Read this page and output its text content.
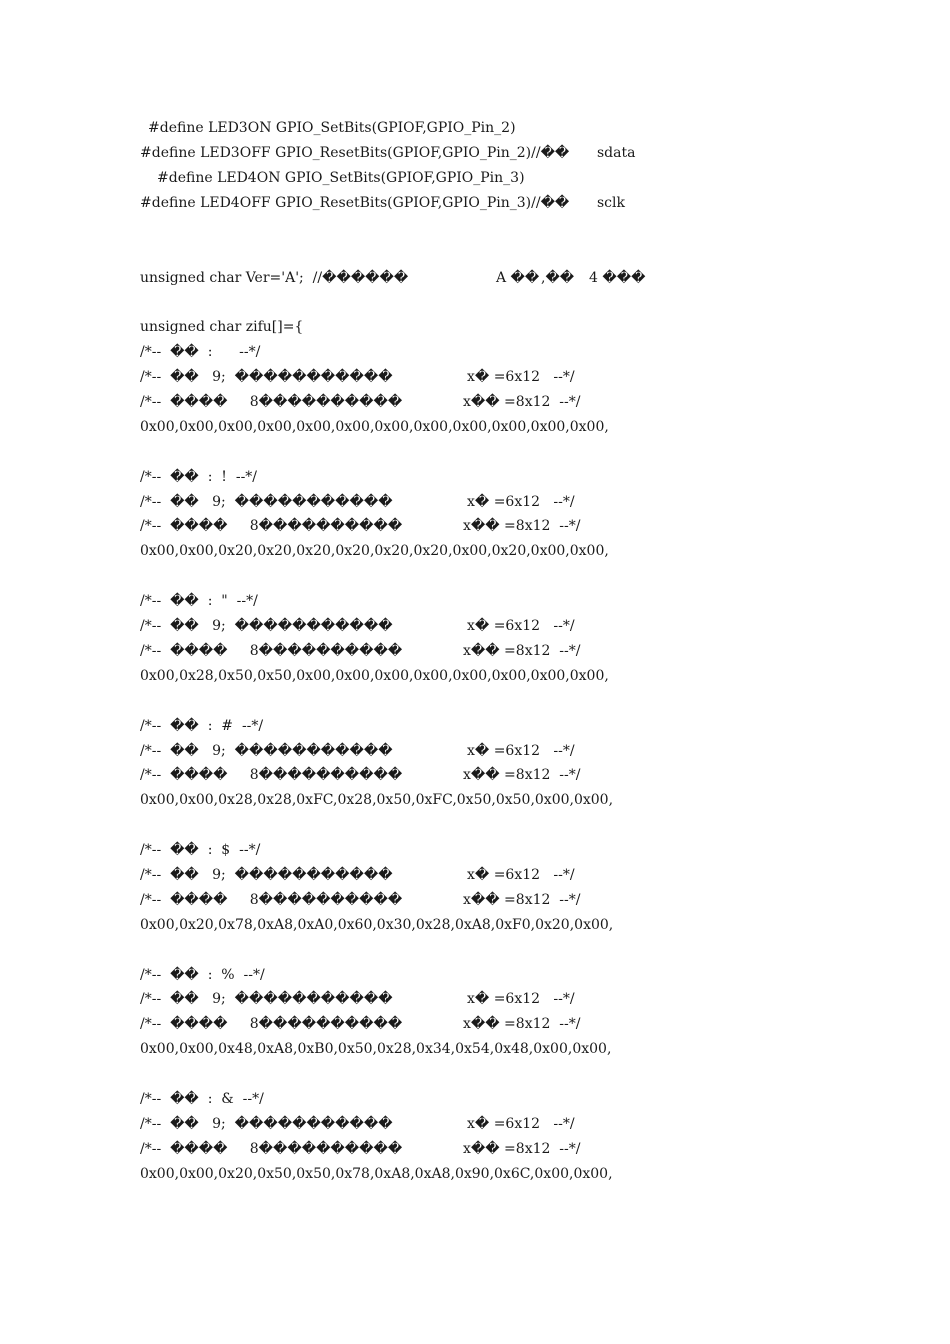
#define LED3ON GPIO_SetBits(GPIOF,GPIO_Pin_2)

#define LED3OFF GPIO_ResetBits(GPIOF,GPIO_Pin_2)//��

sdata

#define LED4ON GPIO_SetBits(GPIOF,GPIO_Pin_3)

#define LED4OFF GPIO_ResetBits(GPIOF,GPIO_Pin_3)//��

sclk

unsigned char Ver='A';  //������

	A ��

,��

4 ���

unsigned char zifu[]={
/*--  ��  :      --*/

/*--  ��   9;  �����������

	x� =6x12   --*/

/*--  ����     8����������

	x�� =8x12  --*/

0x00,0x00,0x00,0x00,0x00,0x00,0x00,0x00,0x00,0x00,0x00,0x00,
/*--  ��  :  !  --*/

/*--  ��   9;  �����������

	x� =6x12   --*/

/*--  ����     8����������

	x�� =8x12  --*/

0x00,0x00,0x20,0x20,0x20,0x20,0x20,0x20,0x00,0x20,0x00,0x00,
/*--  ��  :  "  --*/

/*--  ��   9;  �����������

	x� =6x12   --*/

/*--  ����     8����������

	x�� =8x12  --*/

0x00,0x28,0x50,0x50,0x00,0x00,0x00,0x00,0x00,0x00,0x00,0x00,
/*--  ��  :  #  --*/

/*--  ��   9;  �����������

	x� =6x12   --*/

/*--  ����     8����������

	x�� =8x12  --*/

0x00,0x00,0x28,0x28,0xFC,0x28,0x50,0xFC,0x50,0x50,0x00,0x00,
/*--  ��  :  $  --*/

/*--  ��   9;  �����������

	x� =6x12   --*/

/*--  ����     8����������

	x�� =8x12  --*/

0x00,0x20,0x78,0xA8,0xA0,0x60,0x30,0x28,0xA8,0xF0,0x20,0x00,
/*--  ��  :  %  --*/

/*--  ��   9;  �����������

	x� =6x12   --*/

/*--  ����     8����������

	x�� =8x12  --*/

0x00,0x00,0x48,0xA8,0xB0,0x50,0x28,0x34,0x54,0x48,0x00,0x00,
/*--  ��  :  &  --*/

/*--  ��   9;  �����������

	x� =6x12   --*/

/*--  ����     8����������

	x�� =8x12  --*/

0x00,0x00,0x20,0x50,0x50,0x78,0xA8,0xA8,0x90,0x6C,0x00,0x00,
